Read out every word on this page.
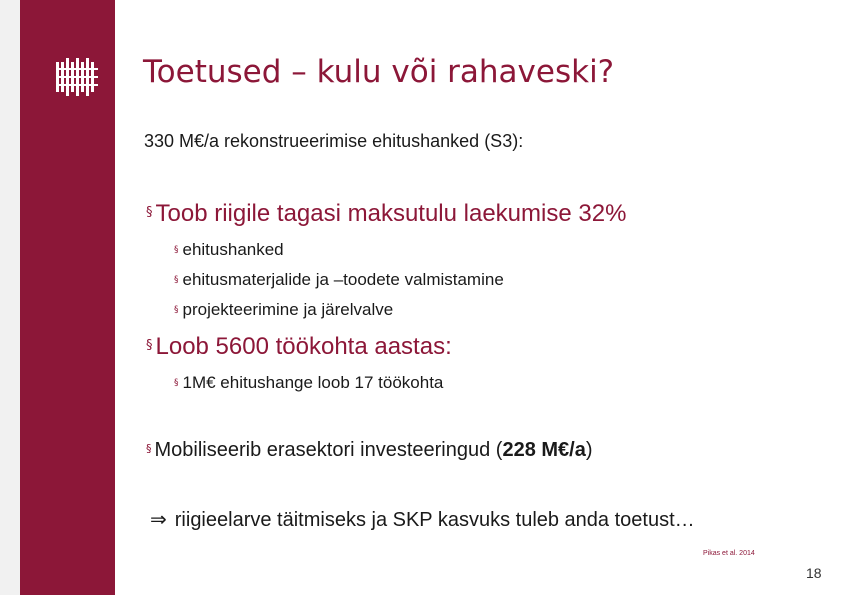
Toetused – kulu või rahaveski?
330 M€/a rekonstrueerimise ehitushanked (S3):
§ Toob riigile tagasi maksutulu laekumise 32%
§ ehitushanked
§ ehitusmaterjalide ja –toodete valmistamine
§ projekteerimine ja järelvalve
§ Loob 5600 töökohta aastas:
§ 1M€ ehitushange loob 17 töökohta
§ Mobiliseerib erasektori investeeringud (228 M€/a)
⇒ riigieelarve täitmiseks ja SKP kasvuks tuleb anda toetust…
Pikas et al. 2014
18
